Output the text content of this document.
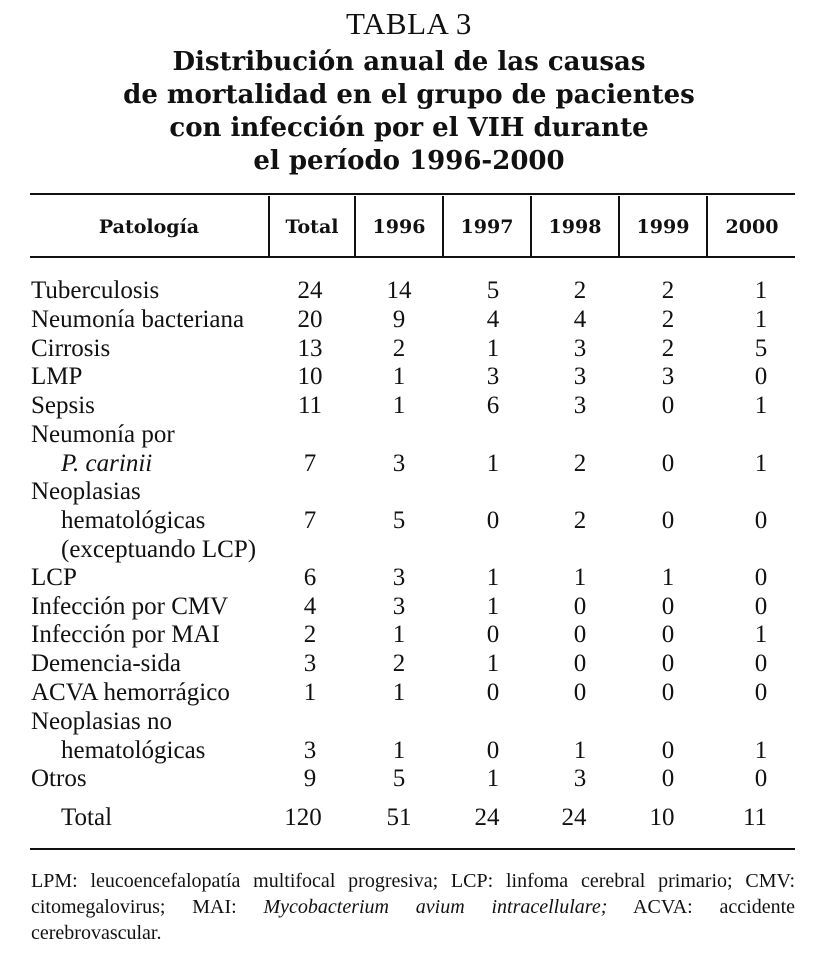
TABLA 3
Distribución anual de las causas
de mortalidad en el grupo de pacientes
con infección por el VIH durante
el período 1996-2000
Patología	Total	1996	1997	1998	1999	2000
Tuberculosis	24	14	5	2	2	1
Neumonía bacteriana	20	9	4	4	2	1
Cirrosis	13	2	1	3	2	5
LMP	10	1	3	3	3	0
Sepsis	11	1	6	3	0	1
Neumonía por
P. carinii	7	3	1	2	0	1
Neoplasias
hematológicas
(exceptuando LCP)
7	5	0	2	0	0
LCP	6	3	1	1	1	0
Infección por CMV	4	3	1	0	0	0
Infección por MAI	2	1	0	0	0	1
Demencia-sida	3	2	1	0	0	0
ACVA hemorrágico	1	1	0	0	0	0
Neoplasias no
hematológicas	3	1	0	1	0	1
Otros	9	5	1	3	0	0
Total	120	51	24	24	10	11
LPM: leucoencefalopatía multifocal progresiva; LCP: linfoma cerebral primario; CMV: citomegalovirus; MAI: Mycobacterium avium intracellulare; ACVA: accidente cerebrovascular.
